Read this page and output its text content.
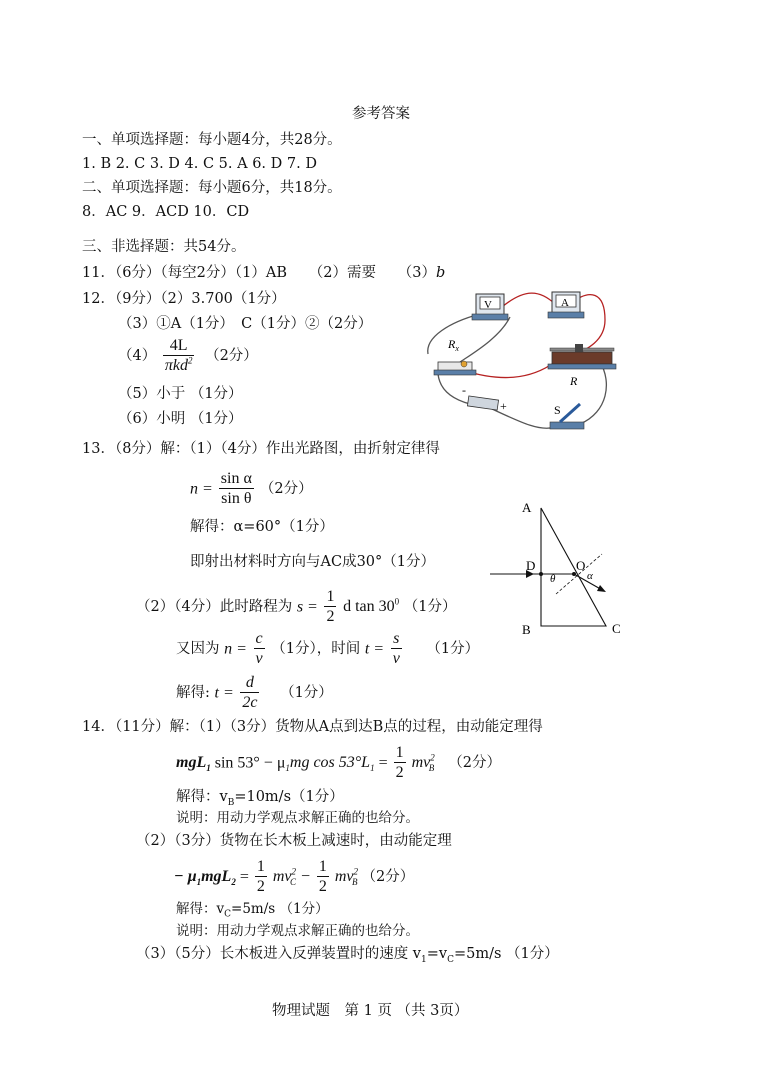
参考答案
一、单项选择题：每小题4分，共28分。
1. B 2. C 3. D 4. C 5. A 6. D 7. D
二、单项选择题：每小题6分，共18分。
8．AC 9．ACD 10．CD
三、非选择题：共54分。
11．（6分）（每空2分）（1）AB　　（2）需要　　（3）b
12．（9分）（2）3.700（1分）
（3）①A（1分）　C（1分）②（2分）
$(4) \frac{4L}{\pi kd^2} (2$分）
（5）小于 （1分）
（6）小明 （1分）
V	A
$R_x$
R
-
+	S
13．（8分）解：（1）（4分）作出光路图，由折射定律得
$n = \frac{\text{sin α}}{\text{sin θ}} (2$分）
解得：α=60°（1分）
即射出材料时方向与AC成30°（1分）
（2）（4分）此时路程为 $s = \frac{1}{2}$ d $\tan 30^0$ （1分）
又因为 $n = \frac{c}{v} (1$分），时间 $t = \frac{s}{v} (1$分）
解得: $t = \frac{d}{2c} (1$分）
A
B	C
D	O
θ	α
14．（11分）解：（1）（3分）货物从A点到达B点的过程，由动能定理得
mgL$_1$ $\sin 53^\circ - \mu_1mg$ $\cos 53^\circ L_1 = \frac{1}{2} mv^2_B$ （2分）
解得：$v_B=10m/s(1$分）
说明：用动力学观点求解正确的也给分。
（2）（3分）货物在长木板上减速时，由动能定理
− $\mu_1mgL_2 = \frac{1}{2} mv^2_C - \frac{1}{2} mv^2_B$ （2分）
解得：$v_C=5m/s$ （1分）
说明：用动力学观点求解正确的也给分。
（3）（5分）长木板进入反弹装置时的速度 $v_1=v_C=5m/s$ （1分）
物理试题　第 1 页 （共 3页）
